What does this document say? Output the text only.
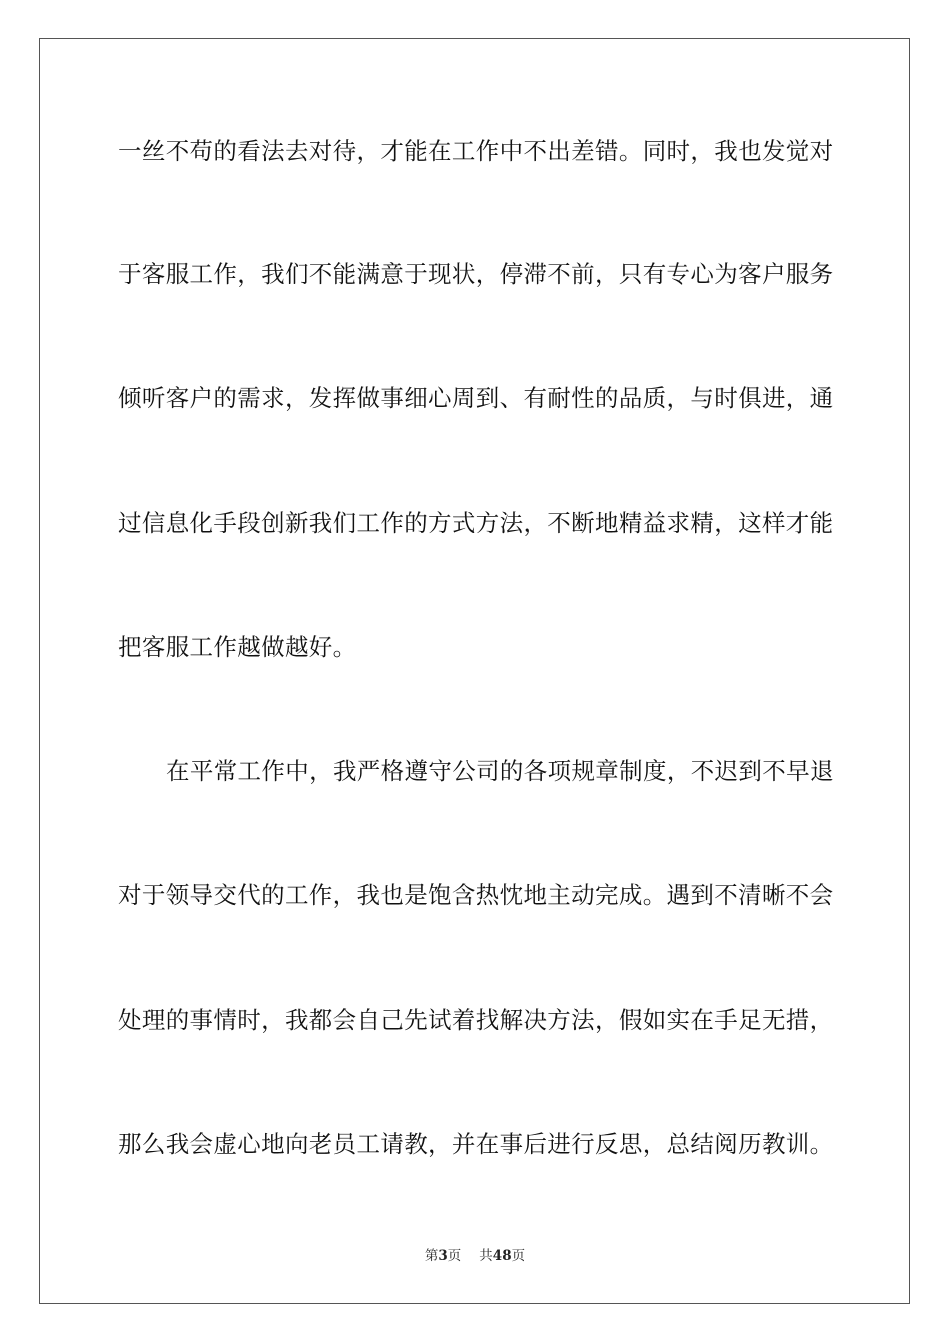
一丝不苟的看法去对待，才能在工作中不出差错。同时，我也发觉对
于客服工作，我们不能满意于现状，停滞不前，只有专心为客户服务
倾听客户的需求，发挥做事细心周到、有耐性的品质，与时俱进，通
过信息化手段创新我们工作的方式方法，不断地精益求精，这样才能
把客服工作越做越好。
在平常工作中，我严格遵守公司的各项规章制度，不迟到不早退
对于领导交代的工作，我也是饱含热忱地主动完成。遇到不清晰不会
处理的事情时，我都会自己先试着找解决方法，假如实在手足无措，
那么我会虚心地向老员工请教，并在事后进行反思，总结阅历教训。
第3页 共48页
